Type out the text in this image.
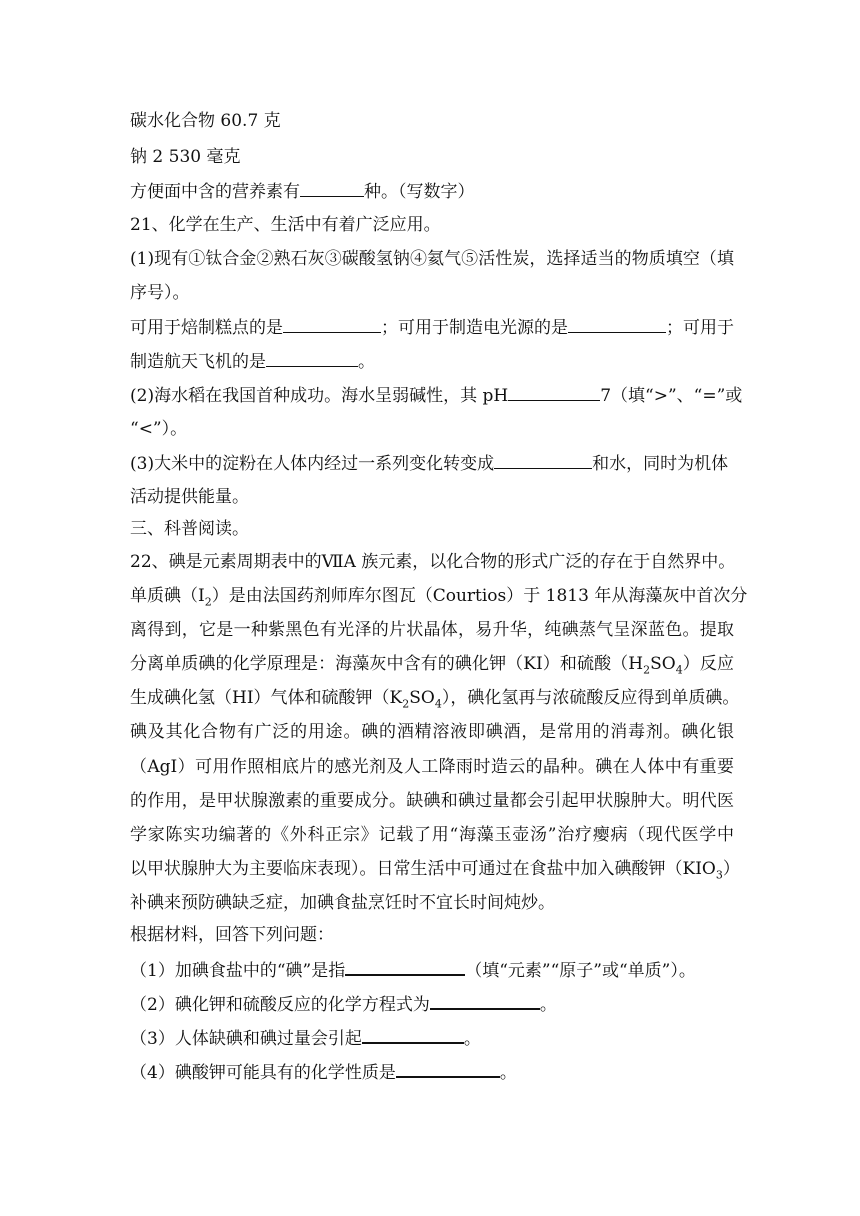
碳水化合物 60.7 克
钠 2 530 毫克
方便面中含的营养素有	种。（写数字）
21、化学在生产、生活中有着广泛应用。
(1)现有①钛合金②熟石灰③碳酸氢钠④氦气⑤活性炭，选择适当的物质填空（填
序号）。
可用于焙制糕点的是	；可用于制造电光源的是	；可用于
制造航天飞机的是	。
(2)海水稻在我国首种成功。海水呈弱碱性，其 pH	7（填“>”、“=”或
“<”）。
(3)大米中的淀粉在人体内经过一系列变化转变成	和水，同时为机体
活动提供能量。
三、科普阅读。
22、碘是元素周期表中的ⅦA 族元素，以化合物的形式广泛的存在于自然界中。
单质碘$(I_2)$是由法国药剂师库尔图瓦（Courtios）于 1813 年从海藻灰中首次分
离得到，它是一种紫黑色有光泽的片状晶体，易升华，纯碘蒸气呈深蓝色。提取
分离单质碘的化学原理是：海藻灰中含有的碘化钾（KI）和硫酸$(H_2SO_4)$反应
生成碘化氢（HI）气体和硫酸钾$(K_2SO_4)$，碘化氢再与浓硫酸反应得到单质碘。
碘及其化合物有广泛的用途。碘的酒精溶液即碘酒，是常用的消毒剂。碘化银
（AgI）可用作照相底片的感光剂及人工降雨时造云的晶种。碘在人体中有重要
的作用，是甲状腺激素的重要成分。缺碘和碘过量都会引起甲状腺肿大。明代医
学家陈实功编著的《外科正宗》记载了用“海藻玉壶汤”治疗瘿病（现代医学中
以甲状腺肿大为主要临床表现）。日常生活中可通过在食盐中加入碘酸钾$(KIO_3)$
补碘来预防碘缺乏症，加碘食盐烹饪时不宜长时间炖炒。
根据材料，回答下列问题：
（1）加碘食盐中的“碘”是指	（填“元素”“原子”或“单质”）。
（2）碘化钾和硫酸反应的化学方程式为	。
（3）人体缺碘和碘过量会引起	。
（4）碘酸钾可能具有的化学性质是	。
